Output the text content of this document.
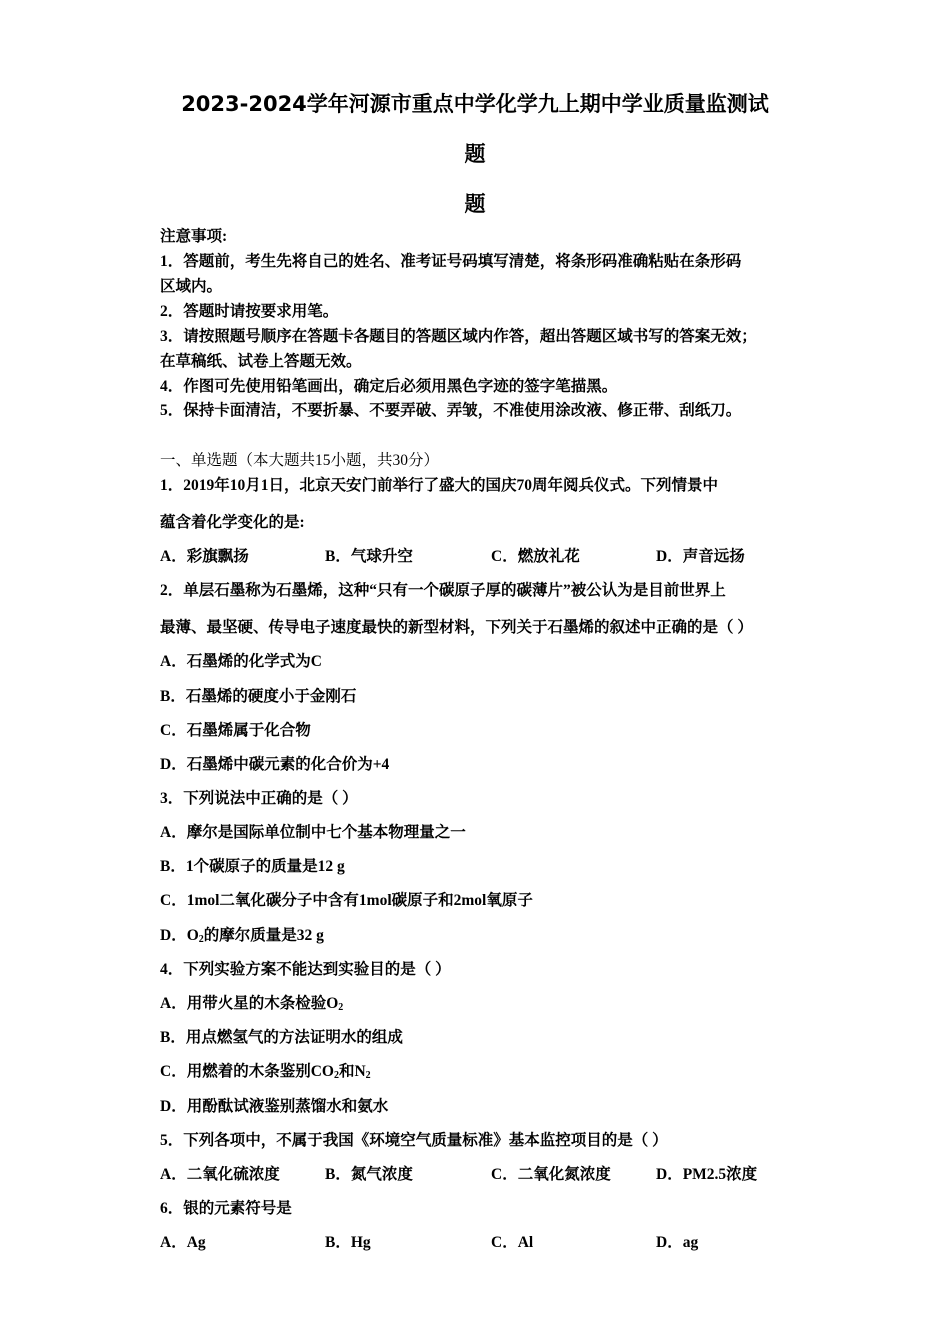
2023-2024学年河源市重点中学化学九上期中学业质量监测试
题
题
注意事项:
1．答题前，考生先将自己的姓名、准考证号码填写清楚，将条形码准确粘贴在条形码
区域内。
2．答题时请按要求用笔。
3．请按照题号顺序在答题卡各题目的答题区域内作答，超出答题区域书写的答案无效；
在草稿纸、试卷上答题无效。
4．作图可先使用铅笔画出，确定后必须用黑色字迹的签字笔描黑。
5．保持卡面清洁，不要折暴、不要弄破、弄皱，不准使用涂改液、修正带、刮纸刀。
一、单选题（本大题共15小题，共30分）
1．2019年10月1日，北京天安门前举行了盛大的国庆70周年阅兵仪式。下列情景中
蕴含着化学变化的是:
A．彩旗飘扬	B．气球升空	C．燃放礼花	D．声音远扬
2．单层石墨称为石墨烯，这种“只有一个碳原子厚的碳薄片”被公认为是目前世界上
最薄、最坚硬、传导电子速度最快的新型材料，下列关于石墨烯的叙述中正确的是（ ）
A．石墨烯的化学式为C
B．石墨烯的硬度小于金刚石
C．石墨烯属于化合物
D．石墨烯中碳元素的化合价为+4
3．下列说法中正确的是（ ）
A．摩尔是国际单位制中七个基本物理量之一
B．1个碳原子的质量是12 g
C．1mol二氧化碳分子中含有1mol碳原子和2mol氧原子
D．$O_2$的摩尔质量是32 g
4．下列实验方案不能达到实验目的是（ ）
A．用带火星的木条检验$O_2$
B．用点燃氢气的方法证明水的组成
C．用燃着的木条鉴别$CO_2$和$N_2$
D．用酚酞试液鉴别蒸馏水和氨水
5．下列各项中，不属于我国《环境空气质量标准》基本监控项目的是（ ）
A．二氧化硫浓度	B．氮气浓度	C．二氧化氮浓度	D．PM2.5浓度
6．银的元素符号是
A．Ag	B．Hg	C．Al	D．ag
